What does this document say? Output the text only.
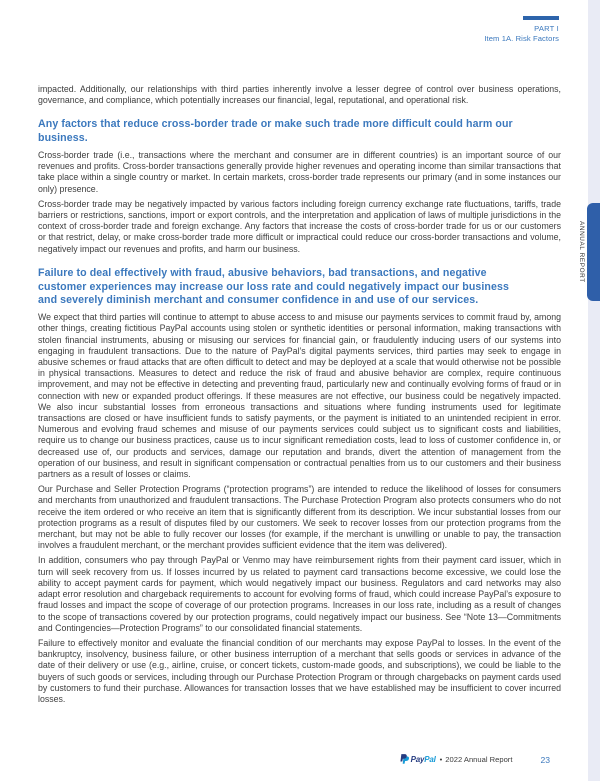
PART I
Item 1A. Risk Factors
ANNUAL REPORT

impacted. Additionally, our relationships with third parties inherently involve a lesser degree of control over business operations, governance, and compliance, which potentially increases our financial, legal, reputational, and operational risk.

Any factors that reduce cross-border trade or make such trade more difficult could harm our business.

Cross-border trade (i.e., transactions where the merchant and consumer are in different countries) is an important source of our revenues and profits. Cross-border transactions generally provide higher revenues and operating income than similar transactions that take place within a single country or market. In certain markets, cross-border trade represents our primary (and in some instances our only) presence.

Cross-border trade may be negatively impacted by various factors including foreign currency exchange rate fluctuations, tariffs, trade barriers or restrictions, sanctions, import or export controls, and the interpretation and application of laws of multiple jurisdictions in the context of cross-border trade and foreign exchange. Any factors that increase the costs of cross-border trade for us or our customers or that restrict, delay, or make cross-border trade more difficult or impractical could reduce our cross-border transactions and volume, negatively impact our revenues and profits, and harm our business.

Failure to deal effectively with fraud, abusive behaviors, bad transactions, and negative customer experiences may increase our loss rate and could negatively impact our business and severely diminish merchant and consumer confidence in and use of our services.

We expect that third parties will continue to attempt to abuse access to and misuse our payments services to commit fraud by, among other things, creating fictitious PayPal accounts using stolen or synthetic identities or personal information, making transactions with stolen financial instruments, abusing or misusing our services for financial gain, or fraudulently inducing users of our systems into engaging in fraudulent transactions. Due to the nature of PayPal’s digital payments services, third parties may seek to engage in abusive schemes or fraud attacks that are often difficult to detect and may be deployed at a scale that would otherwise not be possible in physical transactions. Measures to detect and reduce the risk of fraud and abusive behavior are complex, require continuous improvement, and may not be effective in detecting and preventing fraud, particularly new and continually evolving forms of fraud or in connection with new or expanded product offerings. If these measures are not effective, our business could be negatively impacted. We also incur substantial losses from erroneous transactions and situations where funding instruments used for legitimate transactions are closed or have insufficient funds to satisfy payments, or the payment is initiated to an unintended recipient in error. Numerous and evolving fraud schemes and misuse of our payments services could subject us to significant costs and liabilities, require us to change our business practices, cause us to incur significant remediation costs, lead to loss of customer confidence in, or decreased use of, our products and services, damage our reputation and brands, divert the attention of management from the operation of our business, and result in significant compensation or contractual penalties from us to our customers and their business partners as a result of losses or claims.

Our Purchase and Seller Protection Programs (“protection programs”) are intended to reduce the likelihood of losses for consumers and merchants from unauthorized and fraudulent transactions. The Purchase Protection Program also protects consumers who do not receive the item ordered or who receive an item that is significantly different from its description. We incur substantial losses from our protection programs as a result of disputes filed by our customers. We seek to recover losses from our protection programs from the merchant, but may not be able to fully recover our losses (for example, if the merchant is unwilling or unable to pay, the transaction involves a fraudulent merchant, or the merchant provides sufficient evidence that the item was delivered).

In addition, consumers who pay through PayPal or Venmo may have reimbursement rights from their payment card issuer, which in turn will seek recovery from us. If losses incurred by us related to payment card transactions become excessive, we could lose the ability to accept payment cards for payment, which would negatively impact our business. Regulators and card networks may also adapt error resolution and chargeback requirements to account for evolving forms of fraud, which could increase PayPal’s exposure to fraud losses and impact the scope of coverage of our protection programs. Increases in our loss rate, including as a result of changes to the scope of transactions covered by our protection programs, could negatively impact our business. See “Note 13—Commitments and Contingencies—Protection Programs” to our consolidated financial statements.

Failure to effectively monitor and evaluate the financial condition of our merchants may expose PayPal to losses. In the event of the bankruptcy, insolvency, business failure, or other business interruption of a merchant that sells goods or services in advance of the date of their delivery or use (e.g., airline, cruise, or concert tickets, custom-made goods, and subscriptions), we could be liable to the buyers of such goods or services, including through our Purchase Protection Program or through chargebacks on payment cards used by customers to fund their purchase. Allowances for transaction losses that we have established may be insufficient to cover incurred losses.

PayPal • 2022 Annual Report	23
